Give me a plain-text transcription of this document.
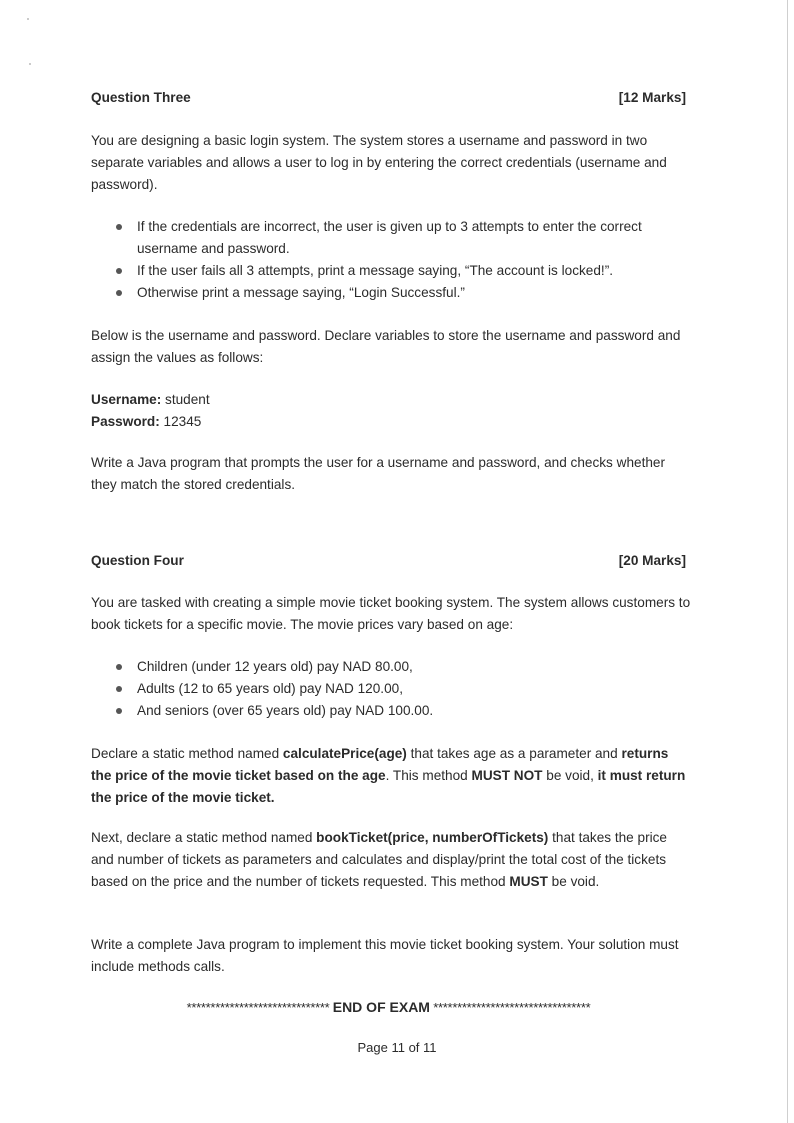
Question Three	[12 Marks]
You are designing a basic login system. The system stores a username and password in two separate variables and allows a user to log in by entering the correct credentials (username and password).
If the credentials are incorrect, the user is given up to 3 attempts to enter the correct username and password.
If the user fails all 3 attempts, print a message saying, “The account is locked!”.
Otherwise print a message saying, “Login Successful.”
Below is the username and password. Declare variables to store the username and password and assign the values as follows:
Username: student
Password: 12345
Write a Java program that prompts the user for a username and password, and checks whether they match the stored credentials.
Question Four	[20 Marks]
You are tasked with creating a simple movie ticket booking system. The system allows customers to book tickets for a specific movie. The movie prices vary based on age:
Children (under 12 years old) pay NAD 80.00,
Adults (12 to 65 years old) pay NAD 120.00,
And seniors (over 65 years old) pay NAD 100.00.
Declare a static method named calculatePrice(age) that takes age as a parameter and returns the price of the movie ticket based on the age. This method MUST NOT be void, it must return the price of the movie ticket.
Next, declare a static method named bookTicket(price, numberOfTickets) that takes the price and number of tickets as parameters and calculates and display/print the total cost of the tickets based on the price and the number of tickets requested. This method MUST be void.
Write a complete Java program to implement this movie ticket booking system. Your solution must include methods calls.
****************************** END OF EXAM *********************************
Page 11 of 11
